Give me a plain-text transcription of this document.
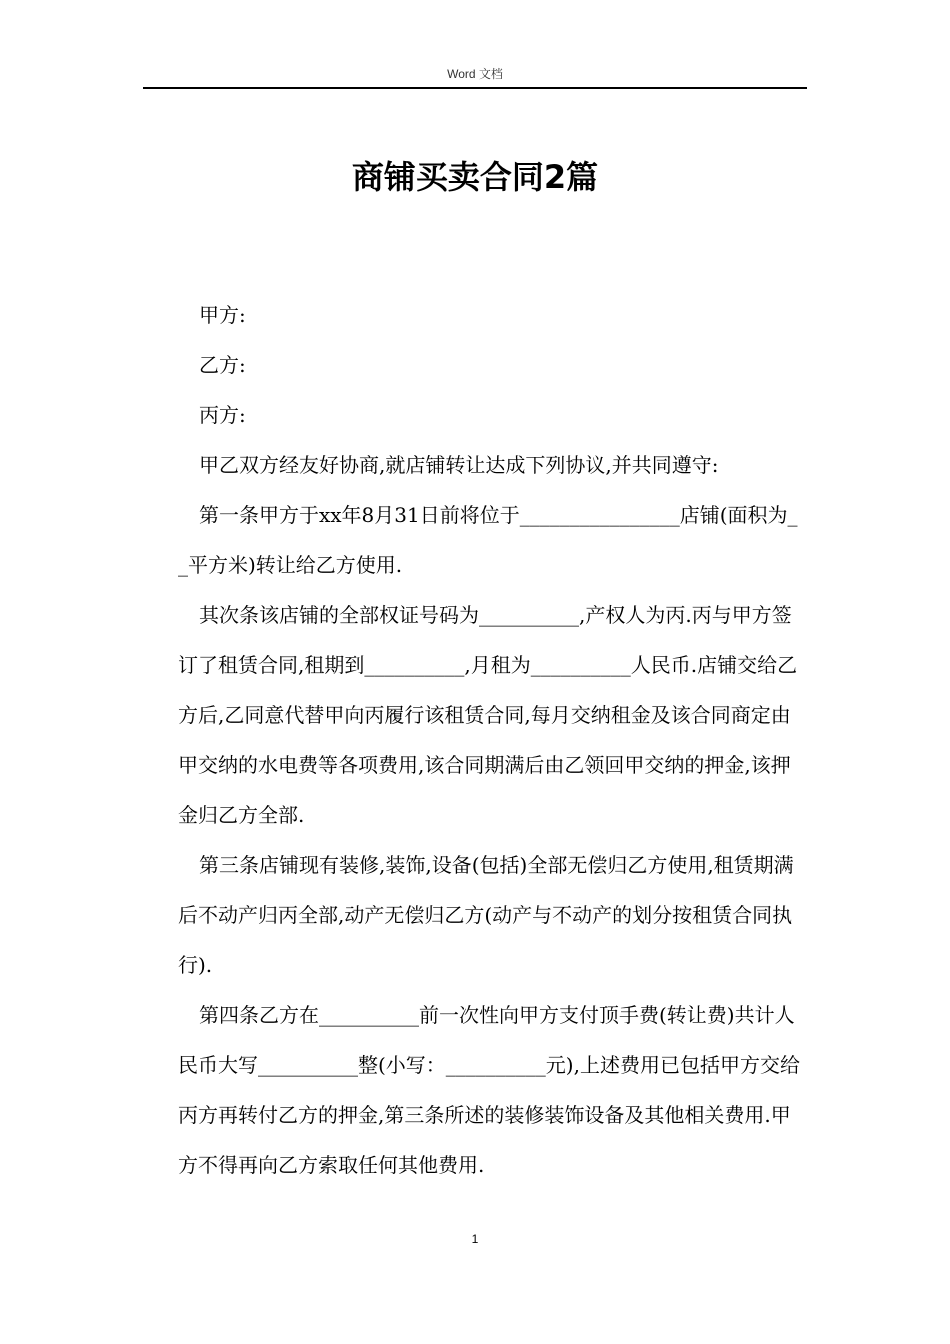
Word 文档
商铺买卖合同2篇

甲方:

乙方:

丙方:

甲乙双方经友好协商,就店铺转让达成下列协议,并共同遵守:

第一条甲方于xx年8月31日前将位于________________店铺(面积为__平方米)转让给乙方使用.

其次条该店铺的全部权证号码为__________,产权人为丙.丙与甲方签订了租赁合同,租期到__________,月租为__________人民币.店铺交给乙方后,乙同意代替甲向丙履行该租赁合同,每月交纳租金及该合同商定由甲交纳的水电费等各项费用,该合同期满后由乙领回甲交纳的押金,该押金归乙方全部.

第三条店铺现有装修,装饰,设备(包括)全部无偿归乙方使用,租赁期满后不动产归丙全部,动产无偿归乙方(动产与不动产的划分按租赁合同执行).

第四条乙方在__________前一次性向甲方支付顶手费(转让费)共计人民币大写__________整(小写：__________元),上述费用已包括甲方交给丙方再转付乙方的押金,第三条所述的装修装饰设备及其他相关费用.甲方不得再向乙方索取任何其他费用.

1
